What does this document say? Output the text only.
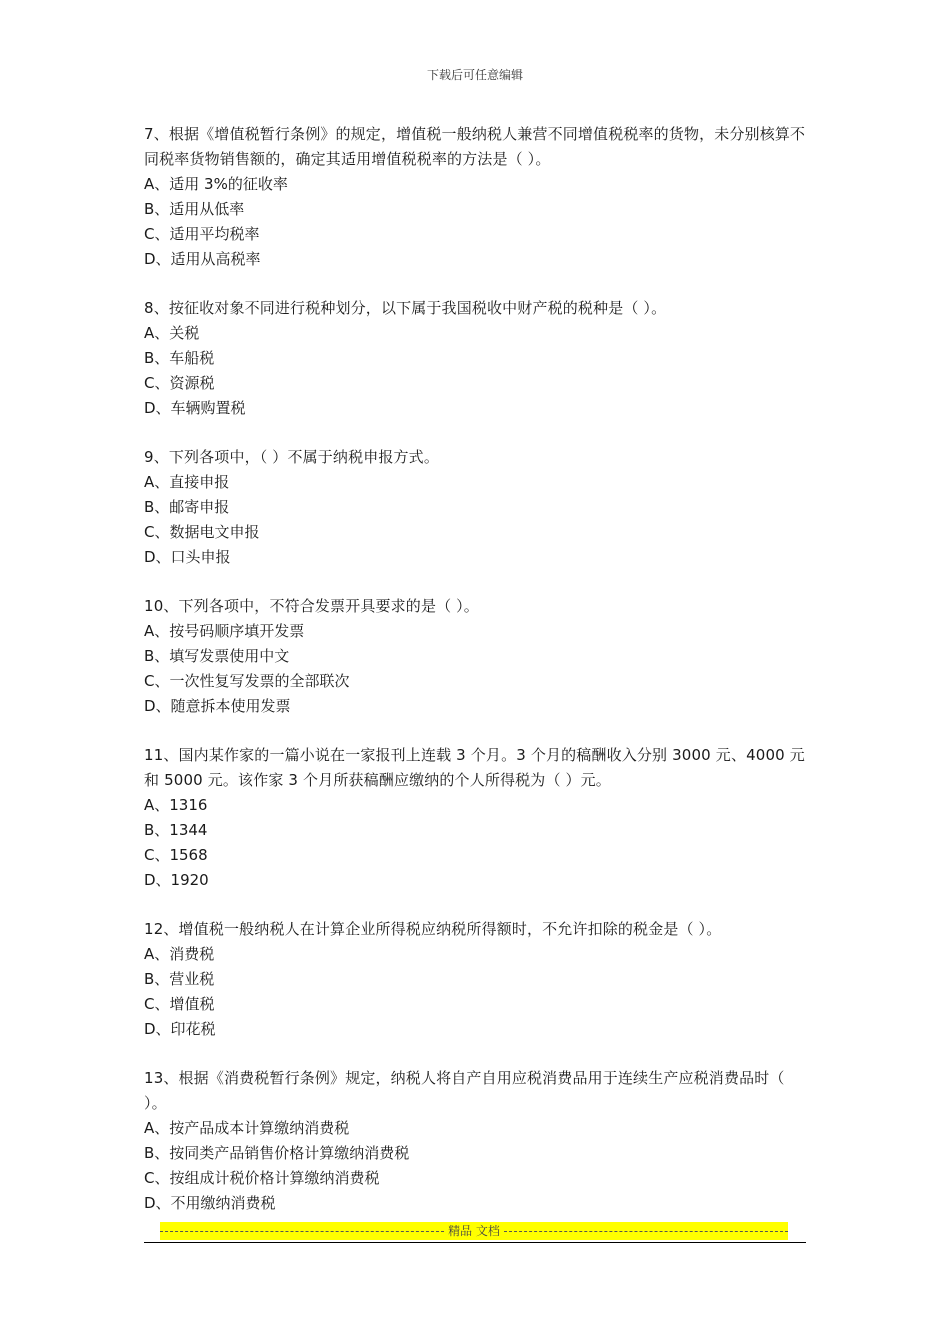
下载后可任意编辑
7、根据《增值税暂行条例》的规定，增值税一般纳税人兼营不同增值税税率的货物，未分别核算不同税率货物销售额的，确定其适用增值税税率的方法是（ ）。
A、适用 3%的征收率
B、适用从低率
C、适用平均税率
D、适用从高税率
8、按征收对象不同进行税种划分，以下属于我国税收中财产税的税种是（ ）。
A、关税
B、车船税
C、资源税
D、车辆购置税
9、下列各项中，（ ）不属于纳税申报方式。
A、直接申报
B、邮寄申报
C、数据电文申报
D、口头申报
10、下列各项中，不符合发票开具要求的是（ ）。
A、按号码顺序填开发票
B、填写发票使用中文
C、一次性复写发票的全部联次
D、随意拆本使用发票
11、国内某作家的一篇小说在一家报刊上连载 3 个月。3 个月的稿酬收入分别 3000 元、4000 元和 5000 元。该作家 3 个月所获稿酬应缴纳的个人所得税为（ ）元。
A、1316
B、1344
C、1568
D、1920
12、增值税一般纳税人在计算企业所得税应纳税所得额时，不允许扣除的税金是（ ）。
A、消费税
B、营业税
C、增值税
D、印花税
13、根据《消费税暂行条例》规定，纳税人将自产自用应税消费品用于连续生产应税消费品时（ ）。
A、按产品成本计算缴纳消费税
B、按同类产品销售价格计算缴纳消费税
C、按组成计税价格计算缴纳消费税
D、不用缴纳消费税
精品 文档
